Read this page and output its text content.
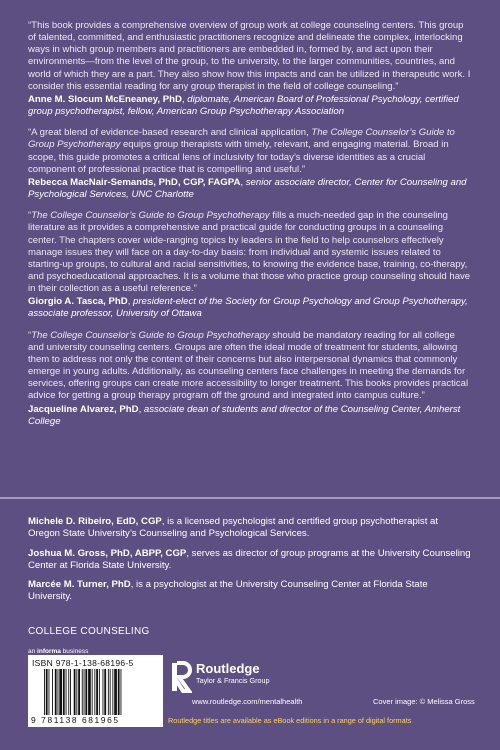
“This book provides a comprehensive overview of group work at college counseling centers. This group of talented, committed, and enthusiastic practitioners recognize and delineate the complex, interlocking ways in which group members and practitioners are embedded in, formed by, and act upon their environments—from the level of the group, to the university, to the larger communities, countries, and world of which they are a part. They also show how this impacts and can be utilized in therapeutic work. I consider this essential reading for any group therapist in the field of college counseling.”

Anne M. Slocum McEneaney, PhD, diplomate, American Board of Professional Psychology, certified group psychotherapist, fellow, American Group Psychotherapy Association

“A great blend of evidence-based research and clinical application, The College Counselor’s Guide to Group Psychotherapy equips group therapists with timely, relevant, and engaging material. Broad in scope, this guide promotes a critical lens of inclusivity for today’s diverse identities as a crucial component of professional practice that is compelling and useful.”

Rebecca MacNair-Semands, PhD, CGP, FAGPA, senior associate director, Center for Counseling and Psychological Services, UNC Charlotte

“The College Counselor’s Guide to Group Psychotherapy fills a much-needed gap in the counseling literature as it provides a comprehensive and practical guide for conducting groups in a counseling center. The chapters cover wide-ranging topics by leaders in the field to help counselors effectively manage issues they will face on a day-to-day basis: from individual and systemic issues related to starting-up groups, to cultural and racial sensitivities, to knowing the evidence base, training, co-therapy, and psychoeducational approaches. It is a volume that those who practice group counseling should have in their collection as a useful reference.”

Giorgio A. Tasca, PhD, president-elect of the Society for Group Psychology and Group Psychotherapy, associate professor, University of Ottawa

“The College Counselor’s Guide to Group Psychotherapy should be mandatory reading for all college and university counseling centers. Groups are often the ideal mode of treatment for students, allowing them to address not only the content of their concerns but also interpersonal dynamics that commonly emerge in young adults. Additionally, as counseling centers face challenges in meeting the demands for services, offering groups can create more accessibility to longer treatment. This books provides practical advice for getting a group therapy program off the ground and integrated into campus culture.”

Jacqueline Alvarez, PhD, associate dean of students and director of the Counseling Center, Amherst College

Michele D. Ribeiro, EdD, CGP, is a licensed psychologist and certified group psychotherapist at Oregon State University’s Counseling and Psychological Services.
Joshua M. Gross, PhD, ABPP, CGP, serves as director of group programs at the University Counseling Center at Florida State University.
Marcée M. Turner, PhD, is a psychologist at the University Counseling Center at Florida State University.
COLLEGE COUNSELING
an informa business
ISBN 978-1-138-68196-5
9 781138 681965
Routledge
Taylor & Francis Group
www.routledge.com/mentalhealth	Cover image: © Melissa Gross
Routledge titles are available as eBook editions in a range of digital formats
